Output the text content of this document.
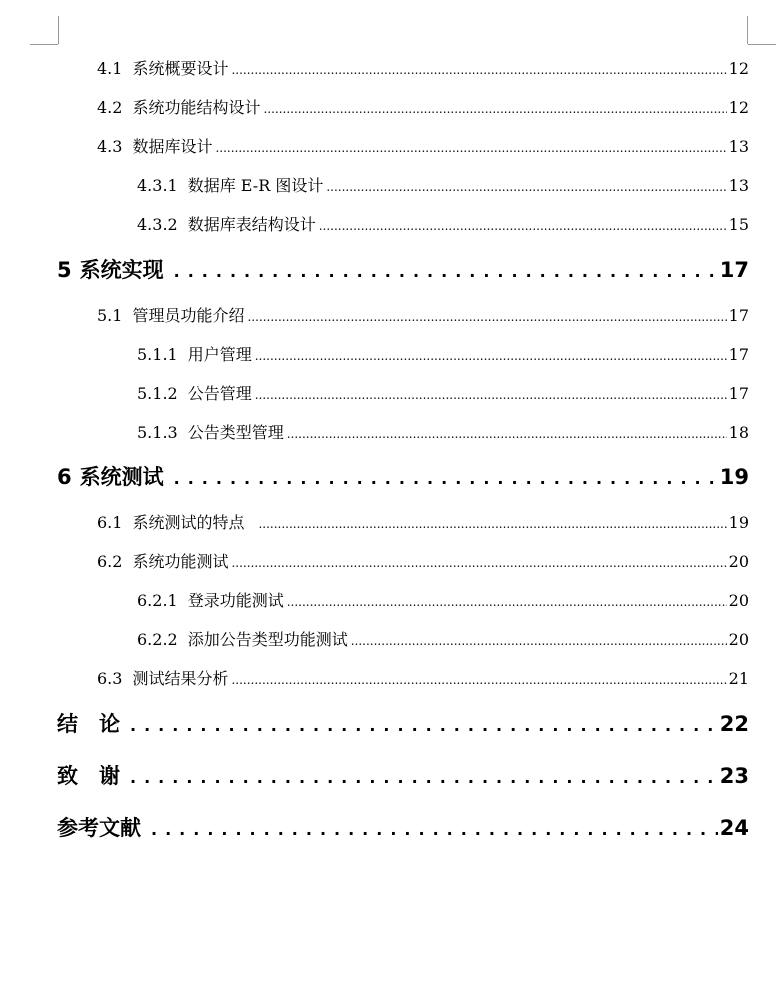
4.1 系统概要设计 .....	12
4.2 系统功能结构设计 .....	12
4.3 数据库设计 .....	13
4.3.1 数据库 E-R 图设计 .....	13
4.3.2 数据库表结构设计 .....	15
5 系统实现 .....	17
5.1 管理员功能介绍 .....	17
5.1.1 用户管理 .....	17
5.1.2 公告管理 .....	17
5.1.3 公告类型管理 .....	18
6 系统测试 .....	19
6.1 系统测试的特点 .....	19
6.2 系统功能测试 .....	20
6.2.1 登录功能测试 .....	20
6.2.2 添加公告类型功能测试 .....	20
6.3 测试结果分析 .....	21
结　论 .....	22
致　谢 .....	23
参考文献 .....	24
